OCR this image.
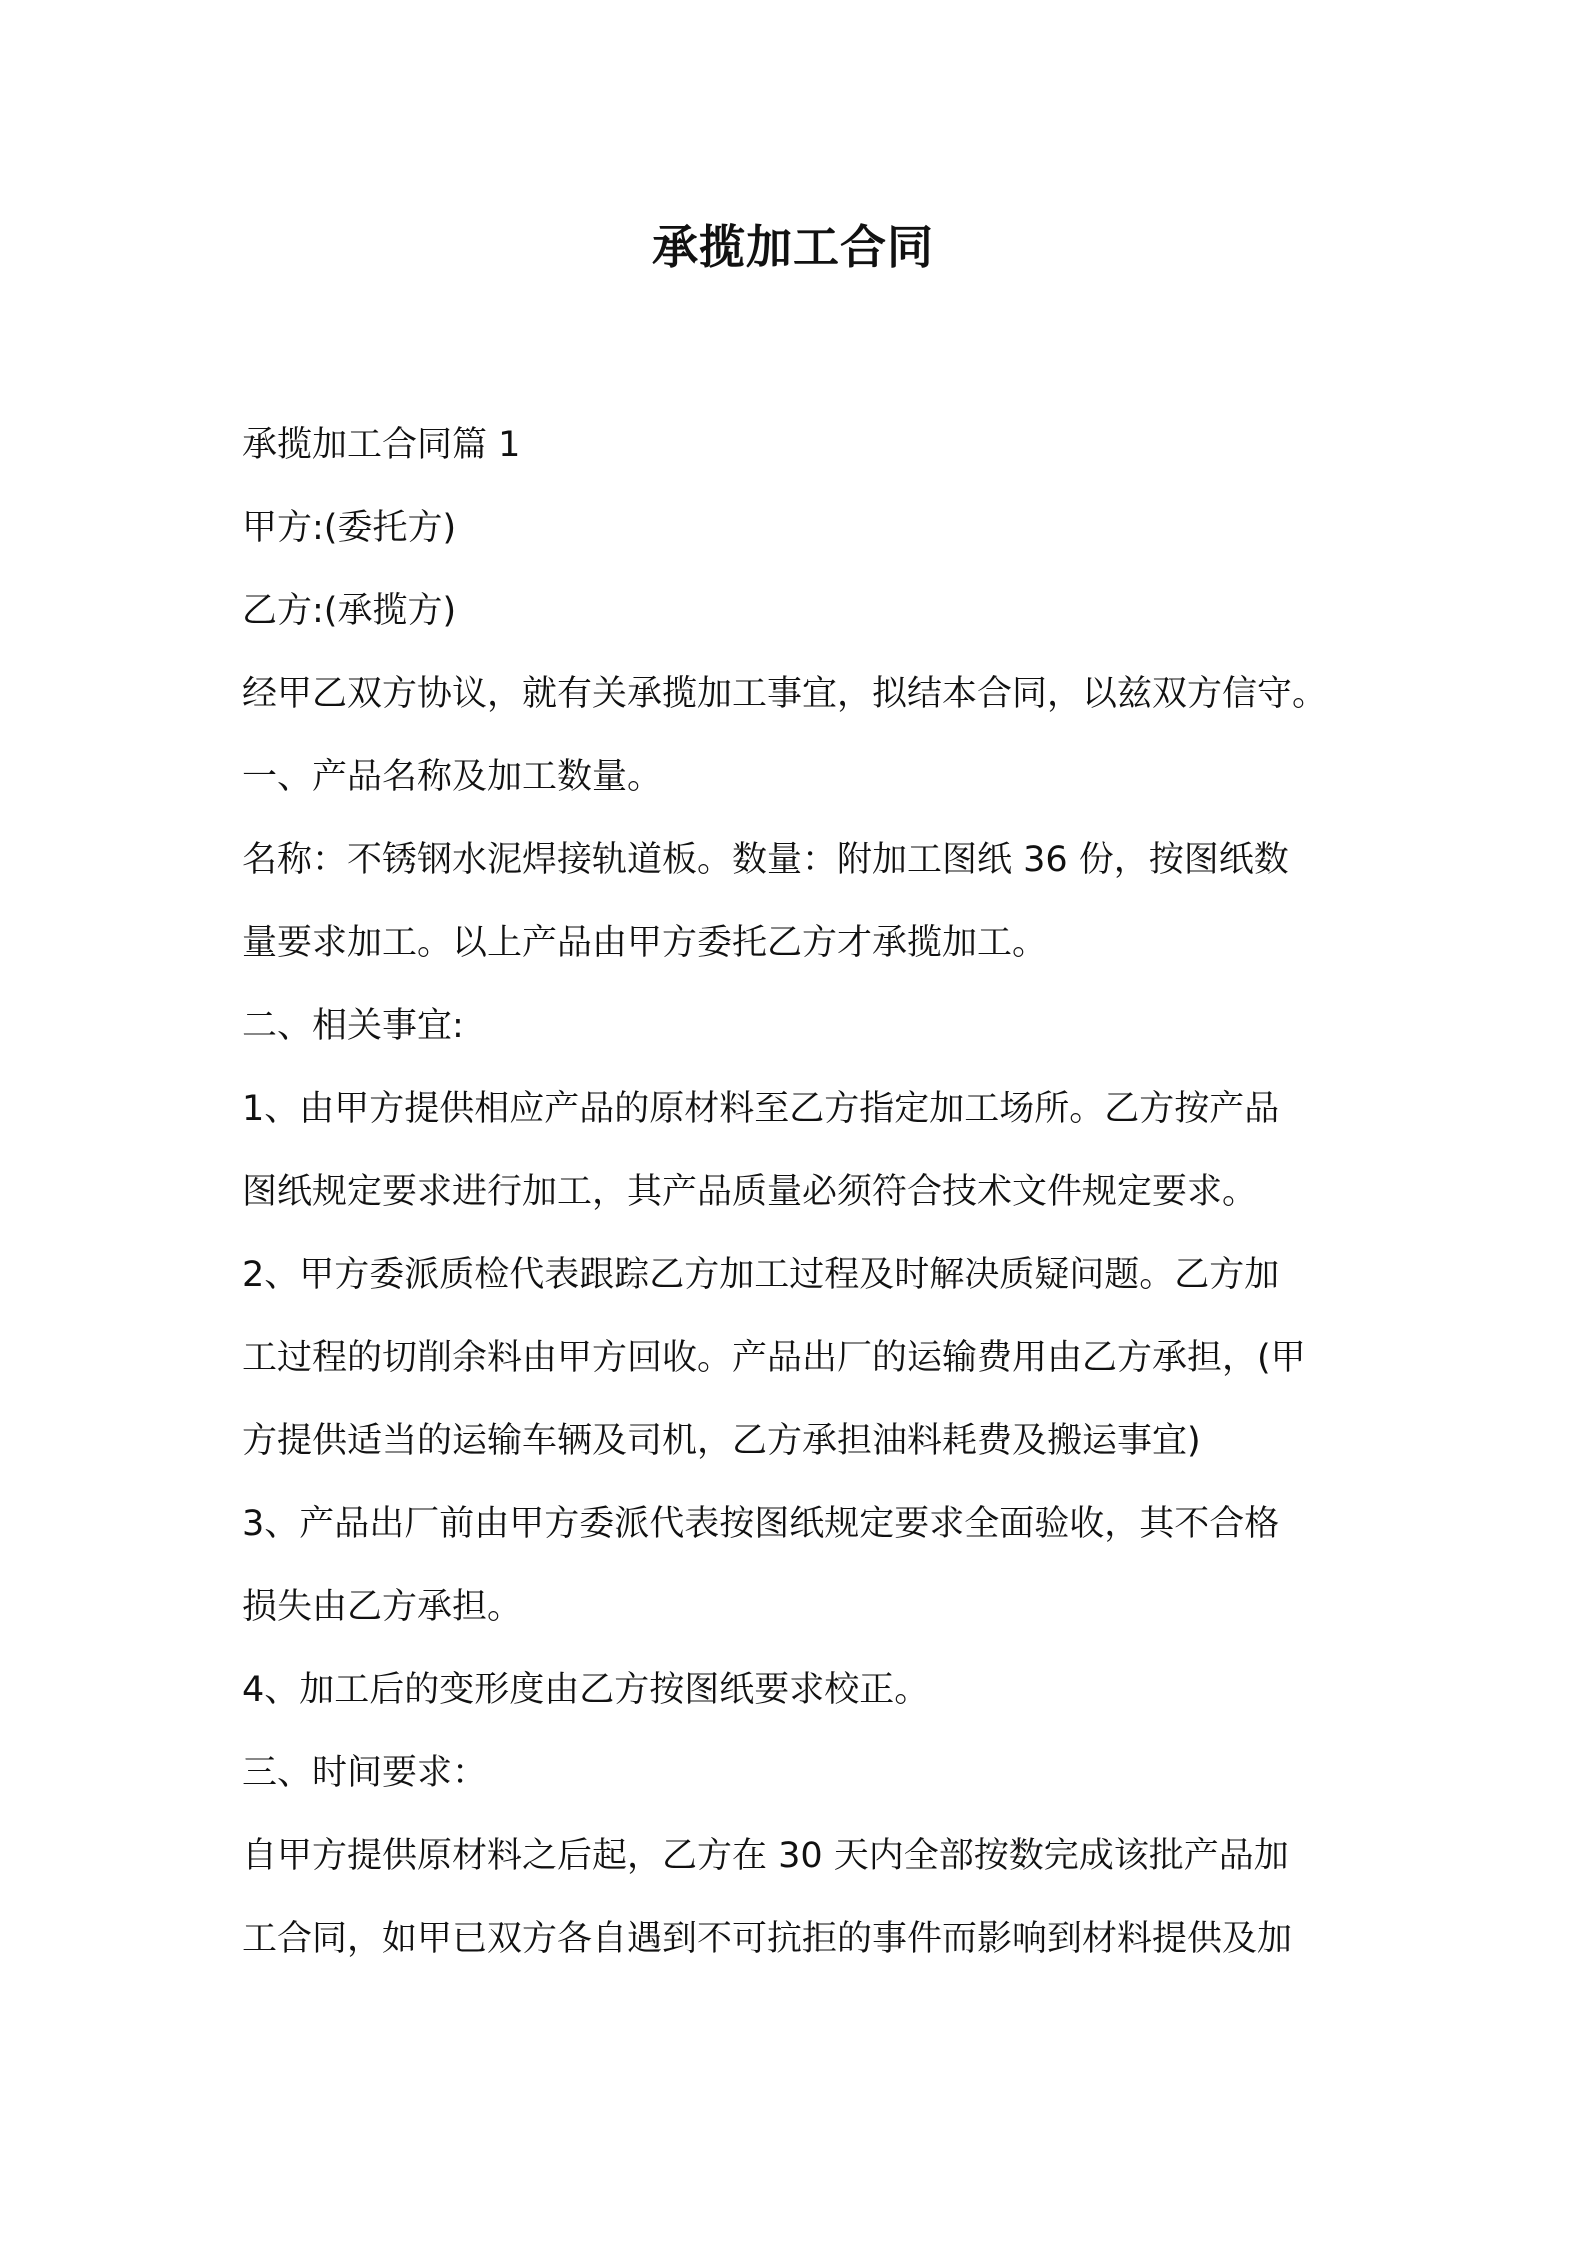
承揽加工合同
承揽加工合同篇 1
甲方:(委托方)
乙方:(承揽方)
经甲乙双方协议，就有关承揽加工事宜，拟结本合同，以兹双方信守。
一、产品名称及加工数量。
名称：不锈钢水泥焊接轨道板。数量：附加工图纸 36 份，按图纸数
量要求加工。以上产品由甲方委托乙方才承揽加工。
二、相关事宜:
1、由甲方提供相应产品的原材料至乙方指定加工场所。乙方按产品
图纸规定要求进行加工，其产品质量必须符合技术文件规定要求。
2、甲方委派质检代表跟踪乙方加工过程及时解决质疑问题。乙方加
工过程的切削余料由甲方回收。产品出厂的运输费用由乙方承担，(甲
方提供适当的运输车辆及司机，乙方承担油料耗费及搬运事宜)
3、产品出厂前由甲方委派代表按图纸规定要求全面验收，其不合格
损失由乙方承担。
4、加工后的变形度由乙方按图纸要求校正。
三、时间要求：
自甲方提供原材料之后起，乙方在 30 天内全部按数完成该批产品加
工合同，如甲已双方各自遇到不可抗拒的事件而影响到材料提供及加
